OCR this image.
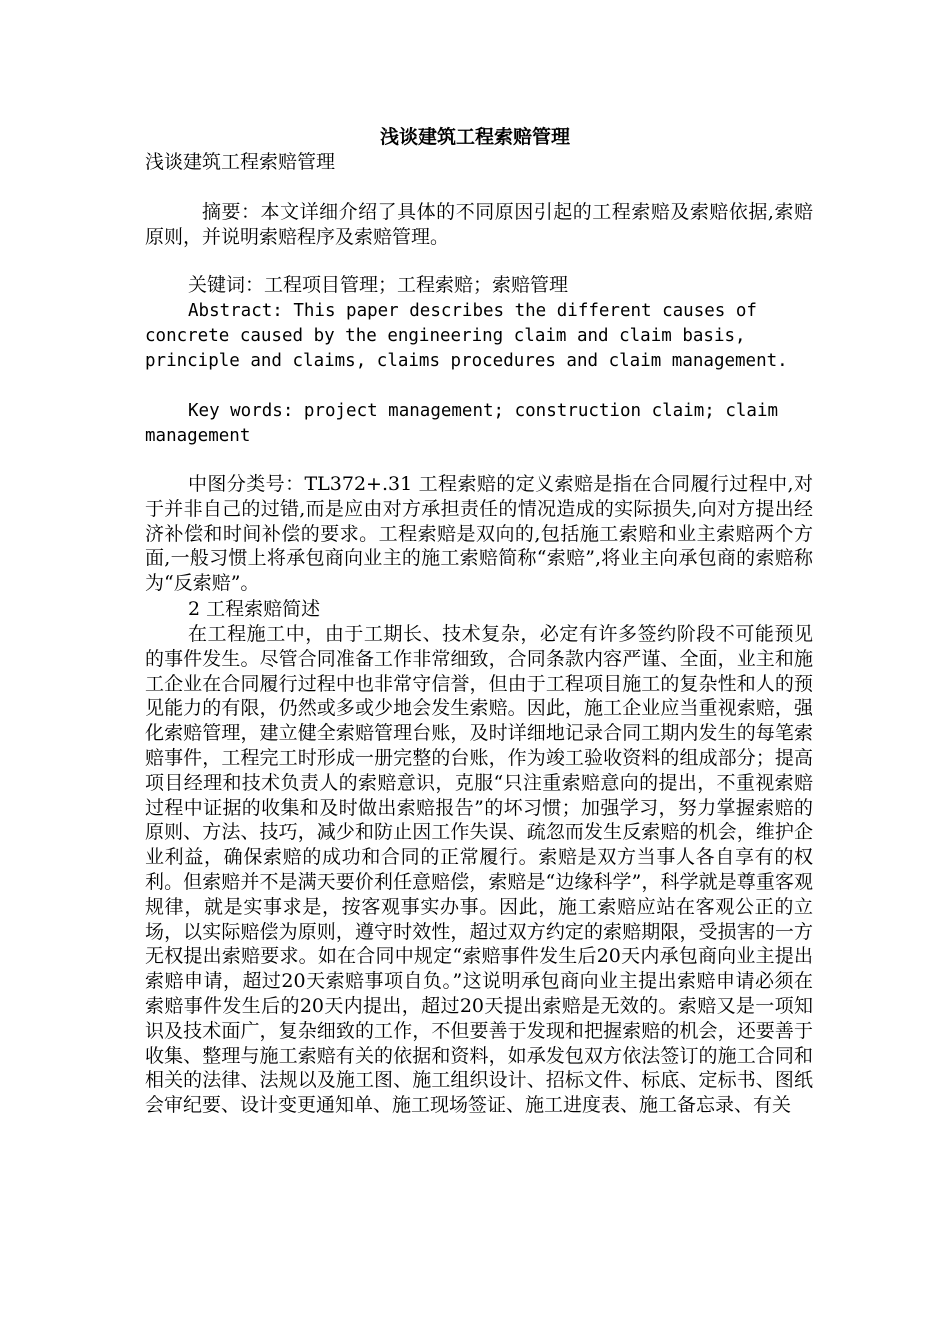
浅谈建筑工程索赔管理

浅谈建筑工程索赔管理

摘要：本文详细介绍了具体的不同原因引起的工程索赔及索赔依据,索赔原则，并说明索赔程序及索赔管理。

关键词：工程项目管理；工程索赔；索赔管理

Abstract: This paper describes the different causes of concrete caused by the engineering claim and claim basis, principle and claims, claims procedures and claim management.

Key words: project management; construction claim; claim management

中图分类号：TL372+.31 工程索赔的定义索赔是指在合同履行过程中,对于并非自己的过错,而是应由对方承担责任的情况造成的实际损失,向对方提出经济补偿和时间补偿的要求。工程索赔是双向的,包括施工索赔和业主索赔两个方面,一般习惯上将承包商向业主的施工索赔简称“索赔”,将业主向承包商的索赔称为“反索赔”。

2 工程索赔简述

在工程施工中，由于工期长、技术复杂，必定有许多签约阶段不可能预见的事件发生。尽管合同准备工作非常细致，合同条款内容严谨、全面，业主和施工企业在合同履行过程中也非常守信誉，但由于工程项目施工的复杂性和人的预见能力的有限，仍然或多或少地会发生索赔。因此，施工企业应当重视索赔，强化索赔管理，建立健全索赔管理台账，及时详细地记录合同工期内发生的每笔索赔事件，工程完工时形成一册完整的台账，作为竣工验收资料的组成部分；提高项目经理和技术负责人的索赔意识，克服“只注重索赔意向的提出，不重视索赔过程中证据的收集和及时做出索赔报告”的坏习惯；加强学习，努力掌握索赔的原则、方法、技巧，减少和防止因工作失误、疏忽而发生反索赔的机会，维护企业利益，确保索赔的成功和合同的正常履行。索赔是双方当事人各自享有的权利。但索赔并不是满天要价利任意赔偿，索赔是“边缘科学”，科学就是尊重客观规律，就是实事求是，按客观事实办事。因此，施工索赔应站在客观公正的立场，以实际赔偿为原则，遵守时效性，超过双方约定的索赔期限，受损害的一方无权提出索赔要求。如在合同中规定“索赔事件发生后20天内承包商向业主提出索赔申请，超过20天索赔事项自负。”这说明承包商向业主提出索赔申请必须在索赔事件发生后的20天内提出，超过20天提出索赔是无效的。索赔又是一项知识及技术面广，复杂细致的工作，不但要善于发现和把握索赔的机会，还要善于收集、整理与施工索赔有关的依据和资料，如承发包双方依法签订的施工合同和相关的法律、法规以及施工图、施工组织设计、招标文件、标底、定标书、图纸会审纪要、设计变更通知单、施工现场签证、施工进度表、施工备忘录、有关
